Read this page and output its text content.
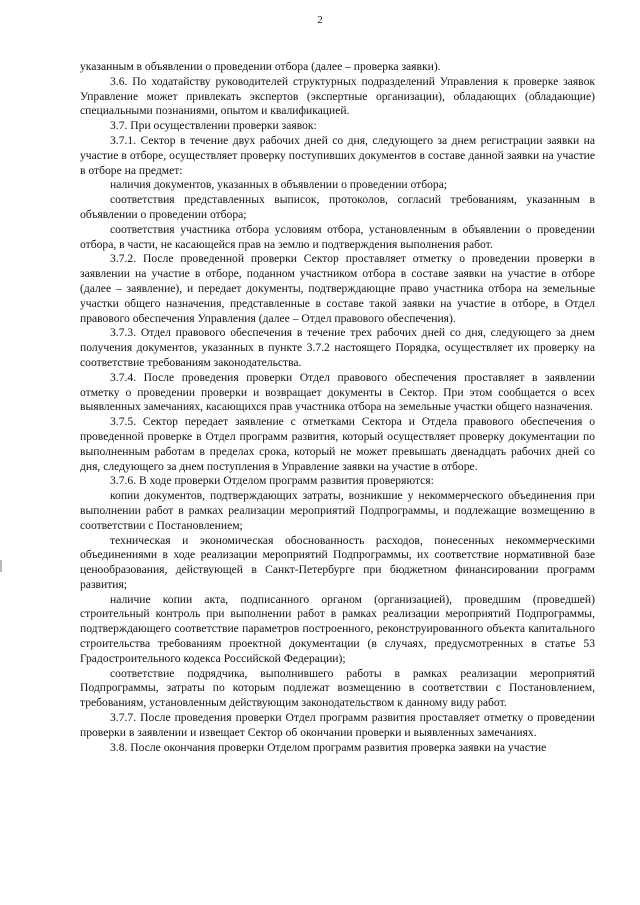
2

указанным в объявлении о проведении отбора (далее – проверка заявки).

3.6. По ходатайству руководителей структурных подразделений Управления к проверке заявок Управление может привлекать экспертов (экспертные организации), обладающих (обладающие) специальными познаниями, опытом и квалификацией.

3.7. При осуществлении проверки заявок:

3.7.1. Сектор в течение двух рабочих дней со дня, следующего за днем регистрации заявки на участие в отборе, осуществляет проверку поступивших документов в составе данной заявки на участие в отборе на предмет:

наличия документов, указанных в объявлении о проведении отбора;

соответствия представленных выписок, протоколов, согласий требованиям, указанным в объявлении о проведении отбора;

соответствия участника отбора условиям отбора, установленным в объявлении о проведении отбора, в части, не касающейся прав на землю и подтверждения выполнения работ.

3.7.2. После проведенной проверки Сектор проставляет отметку о проведении проверки в заявлении на участие в отборе, поданном участником отбора в составе заявки на участие в отборе (далее – заявление), и передает документы, подтверждающие право участника отбора на земельные участки общего назначения, представленные в составе такой заявки на участие в отборе, в Отдел правового обеспечения Управления (далее – Отдел правового обеспечения).

3.7.3. Отдел правового обеспечения в течение трех рабочих дней со дня, следующего за днем получения документов, указанных в пункте 3.7.2 настоящего Порядка, осуществляет их проверку на соответствие требованиям законодательства.

3.7.4. После проведения проверки Отдел правового обеспечения проставляет в заявлении отметку о проведении проверки и возвращает документы в Сектор. При этом сообщается о всех выявленных замечаниях, касающихся прав участника отбора на земельные участки общего назначения.

3.7.5. Сектор передает заявление с отметками Сектора и Отдела правового обеспечения о проведенной проверке в Отдел программ развития, который осуществляет проверку документации по выполненным работам в пределах срока, который не может превышать двенадцать рабочих дней со дня, следующего за днем поступления в Управление заявки на участие в отборе.

3.7.6. В ходе проверки Отделом программ развития проверяются:

копии документов, подтверждающих затраты, возникшие у некоммерческого объединения при выполнении работ в рамках реализации мероприятий Подпрограммы, и подлежащие возмещению в соответствии с Постановлением;

техническая и экономическая обоснованность расходов, понесенных некоммерческими объединениями в ходе реализации мероприятий Подпрограммы, их соответствие нормативной базе ценообразования, действующей в Санкт-Петербурге при бюджетном финансировании программ развития;

наличие копии акта, подписанного органом (организацией), проведшим (проведшей) строительный контроль при выполнении работ в рамках реализации мероприятий Подпрограммы, подтверждающего соответствие параметров построенного, реконструированного объекта капитального строительства требованиям проектной документации (в случаях, предусмотренных в статье 53 Градостроительного кодекса Российской Федерации);

соответствие подрядчика, выполнившего работы в рамках реализации мероприятий Подпрограммы, затраты по которым подлежат возмещению в соответствии с Постановлением, требованиям, установленным действующим законодательством к данному виду работ.

3.7.7. После проведения проверки Отдел программ развития проставляет отметку о проведении проверки в заявлении и извещает Сектор об окончании проверки и выявленных замечаниях.

3.8. После окончания проверки Отделом программ развития проверка заявки на участие
